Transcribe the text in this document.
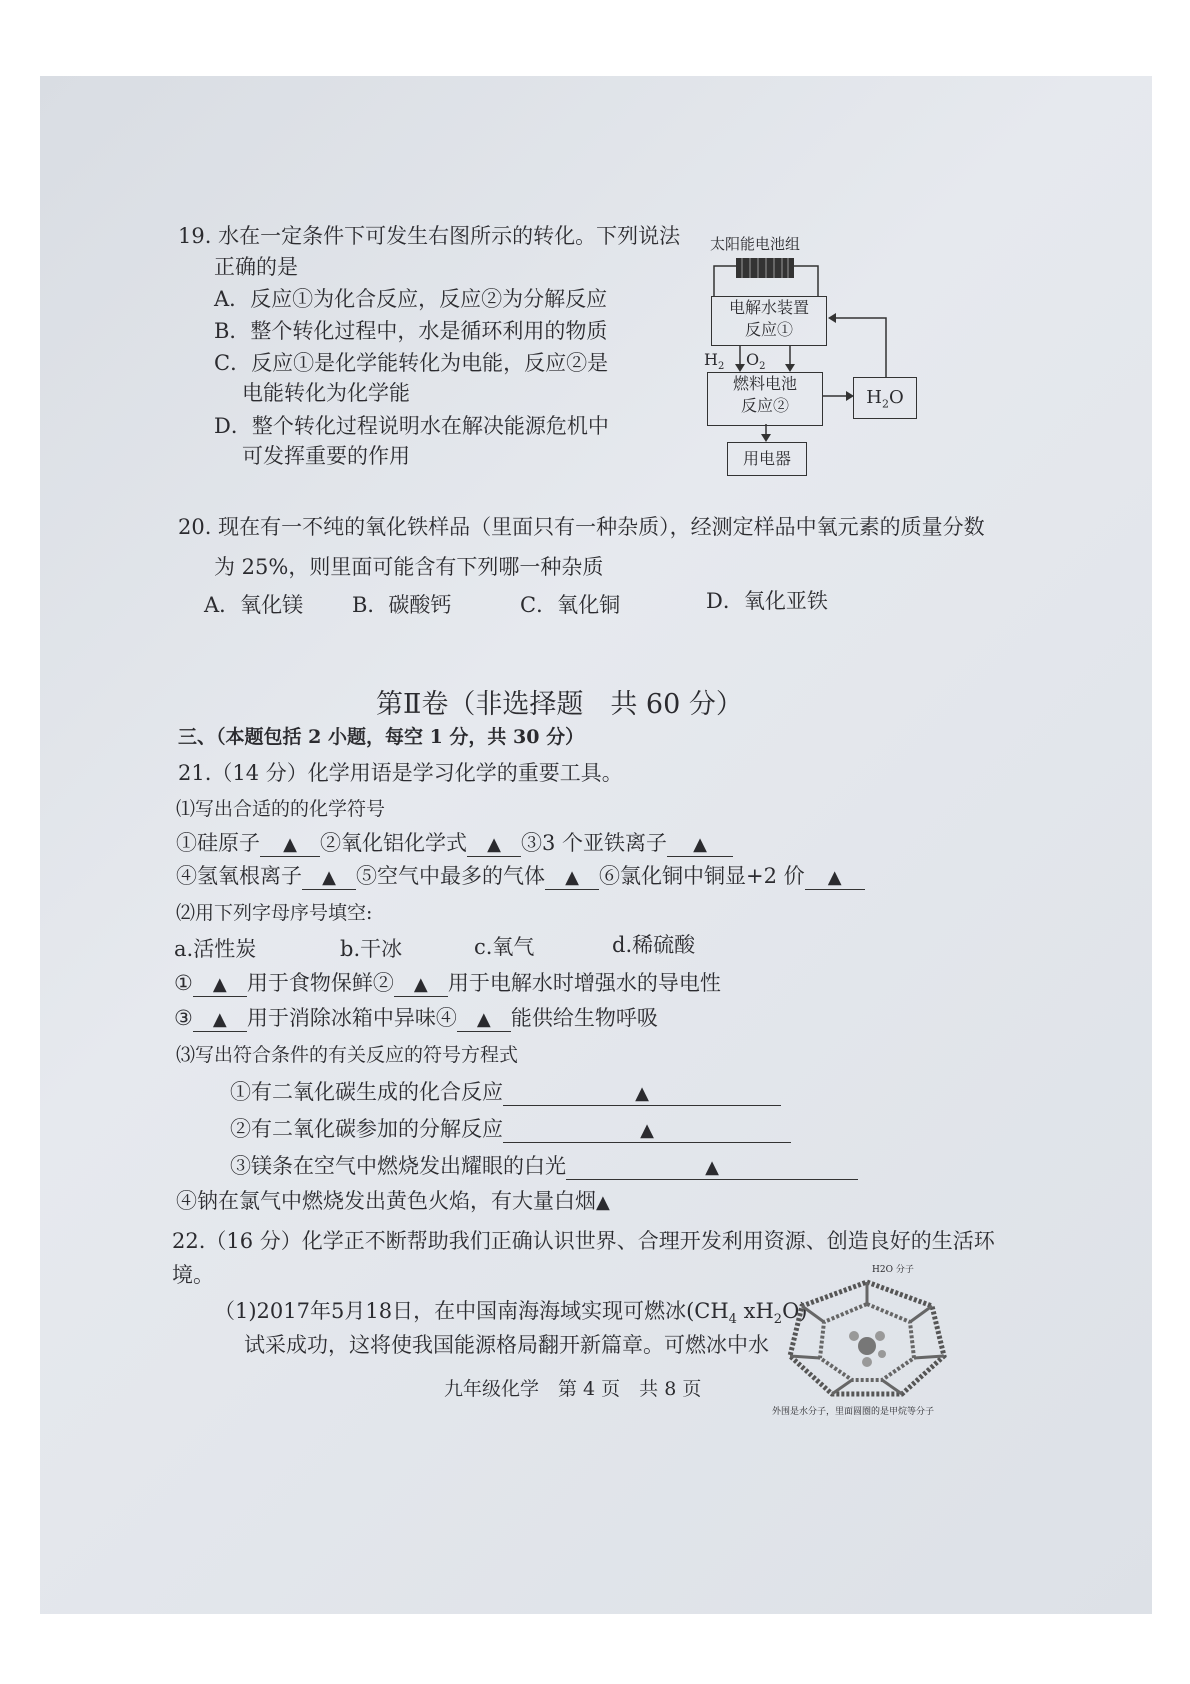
19. 水在一定条件下可发生右图所示的转化。下列说法
正确的是
A．反应①为化合反应，反应②为分解反应
B．整个转化过程中，水是循环利用的物质
C．反应①是化学能转化为电能，反应②是
电能转化为化学能
D．整个转化过程说明水在解决能源危机中
可发挥重要的作用
太阳能电池组
电解水装置
反应①
$H_2$ $O_2$
燃料电池
反应②	$H_2O$
用电器
20. 现在有一不纯的氧化铁样品（里面只有一种杂质），经测定样品中氧元素的质量分数
为 25%，则里面可能含有下列哪一种杂质
A．氧化镁 B．碳酸钙	C．氧化铜	D．氧化亚铁
第Ⅱ卷（非选择题　共 60 分）
三、（本题包括 2 小题，每空 1 分，共 30 分）
21.（14 分）化学用语是学习化学的重要工具。
⑴写出合适的的化学符号
①硅原子 ▲ ②氧化铝化学式 ▲ ③3 个亚铁离子 ▲
④氢氧根离子 ▲ ⑤空气中最多的气体 ▲ ⑥氯化铜中铜显+2 价 ▲
⑵用下列字母序号填空:
a.活性炭	b.干冰	c.氧气	d.稀硫酸
① ▲ 用于食物保鲜② ▲ 用于电解水时增强水的导电性
③ ▲ 用于消除冰箱中异味④ ▲ 能供给生物呼吸
⑶写出符合条件的有关反应的符号方程式
①有二氧化碳生成的化合反应	▲
②有二氧化碳参加的分解反应	▲
③镁条在空气中燃烧发出耀眼的白光	▲
④钠在氯气中燃烧发出黄色火焰，有大量白烟▲
22.（16 分）化学正不断帮助我们正确认识世界、合理开发利用资源、创造良好的生活环
境。
（1)2017年5月18日，在中国南海海域实现可燃冰($CH_4$ $xH_2O$)
试采成功，这将使我国能源格局翻开新篇章。可燃冰中水
H2O 分子
外围是水分子，里面圆圈的是甲烷等分子
九年级化学　第 4 页　共 8 页
